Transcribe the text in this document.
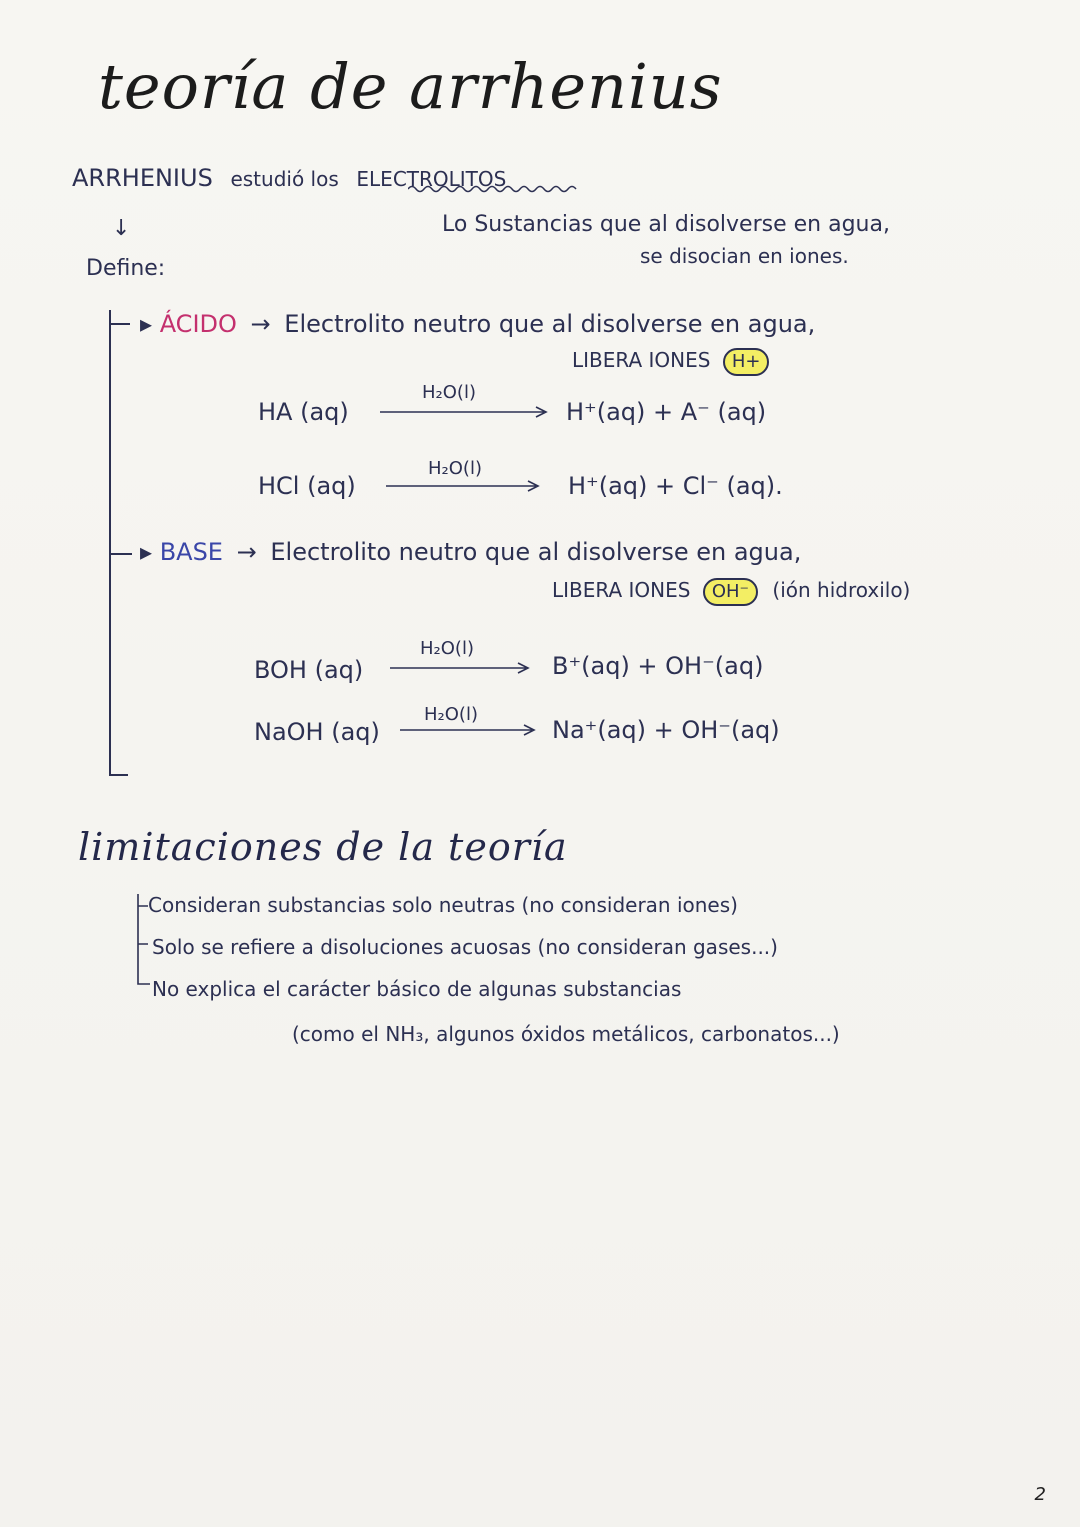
teoría de arrhenius
ARRHENIUS estudió los ELECTROLITOS
↓	Lo Sustancias que al disolverse en agua,
se disocian en iones.
Define:
▸ ÁCIDO → Electrolito neutro que al disolverse en agua,
LIBERA IONES H+
HA (aq)
H₂O(l)
H⁺(aq) + A⁻ (aq)
HCl (aq)
H₂O(l)
H⁺(aq) + Cl⁻ (aq).
▸ BASE → Electrolito neutro que al disolverse en agua,
LIBERA IONES OH⁻ (ión hidroxilo)
BOH (aq)
H₂O(l)
B⁺(aq) + OH⁻(aq)
NaOH (aq)
H₂O(l)
Na⁺(aq) + OH⁻(aq)
limitaciones de la teoría
Consideran substancias solo neutras (no consideran iones)
Solo se refiere a disoluciones acuosas (no consideran gases...)
No explica el carácter básico de algunas substancias
(como el NH₃, algunos óxidos metálicos, carbonatos...)
2
